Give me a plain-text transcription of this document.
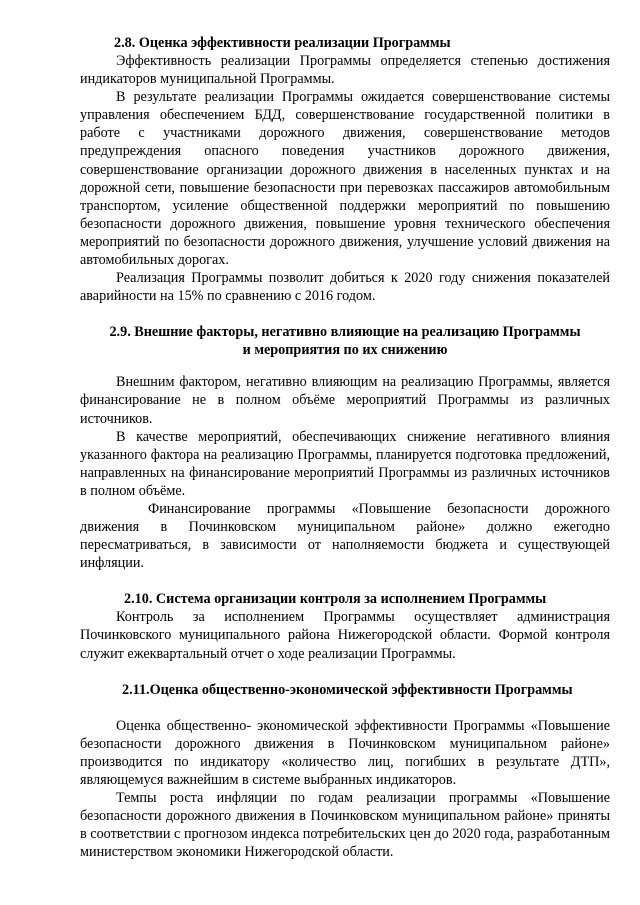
2.8. Оценка эффективности реализации Программы

Эффективность реализации Программы определяется степенью достижения индикаторов муниципальной Программы.

В результате реализации Программы ожидается совершенствование системы управления обеспечением БДД, совершенствование государственной политики в работе с участниками дорожного движения, совершенствование методов предупреждения опасного поведения участников дорожного движения, совершенствование организации дорожного движения в населенных пунктах и на дорожной сети, повышение безопасности при перевозках пассажиров автомобильным транспортом, усиление общественной поддержки мероприятий по повышению безопасности дорожного движения, повышение уровня технического обеспечения мероприятий по безопасности дорожного движения, улучшение условий движения на автомобильных дорогах.

Реализация Программы позволит добиться к 2020 году снижения показателей аварийности на 15% по сравнению с 2016 годом.

2.9. Внешние факторы, негативно влияющие на реализацию Программы
и мероприятия по их снижению

Внешним фактором, негативно влияющим на реализацию Программы, является финансирование не в полном объёме мероприятий Программы из различных источников.

В качестве мероприятий, обеспечивающих снижение негативного влияния указанного фактора на реализацию Программы, планируется подготовка предложений, направленных на финансирование мероприятий Программы из различных источников в полном объёме.

Финансирование программы «Повышение безопасности дорожного движения в Починковском муниципальном районе» должно ежегодно пересматриваться, в зависимости от наполняемости бюджета и существующей инфляции.

2.10. Система организации контроля за исполнением Программы

Контроль за исполнением Программы осуществляет администрация Починковского муниципального района Нижегородской области. Формой контроля служит ежеквартальный отчет о ходе реализации Программы.

2.11.Оценка общественно-экономической эффективности Программы

Оценка общественно- экономической эффективности Программы «Повышение безопасности дорожного движения в Починковском муниципальном районе» производится по индикатору «количество лиц, погибших в результате ДТП», являющемуся важнейшим в системе выбранных индикаторов.

Темпы роста инфляции по годам реализации программы «Повышение безопасности дорожного движения в Починковском муниципальном районе» приняты в соответствии с прогнозом индекса потребительских цен до 2020 года, разработанным министерством экономики Нижегородской области.
